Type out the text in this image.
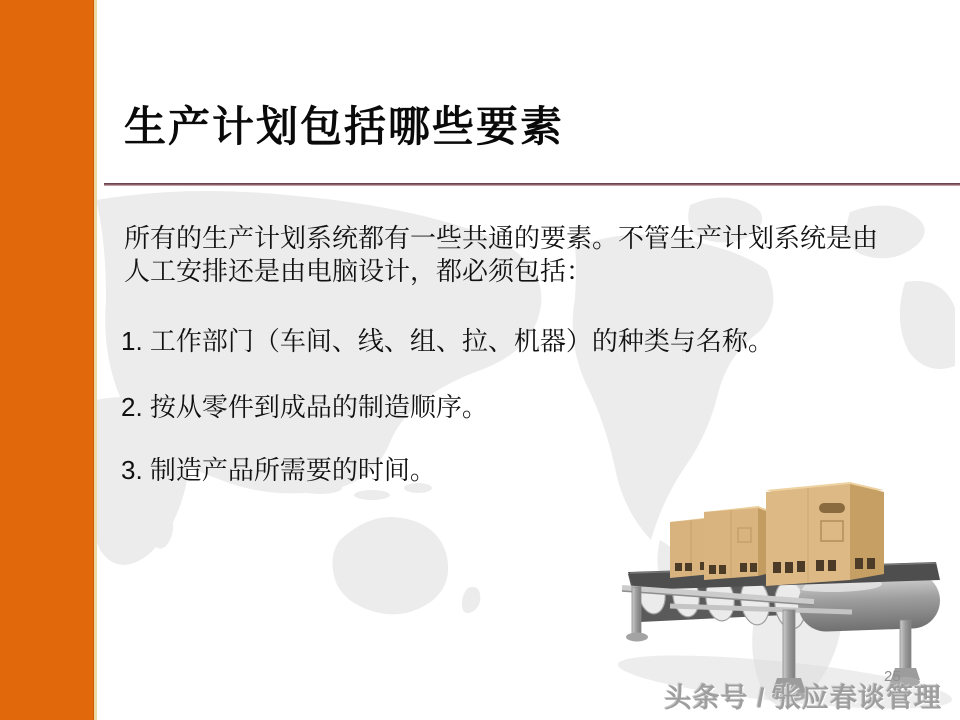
生产计划包括哪些要素

所有的生产计划系统都有一些共通的要素。不管生产计划系统是由人工安排还是由电脑设计，都必须包括：

1. 工作部门（车间、线、组、拉、机器）的种类与名称。
2. 按从零件到成品的制造顺序。
3. 制造产品所需要的时间。
25
头条号 / 张应春谈管理
